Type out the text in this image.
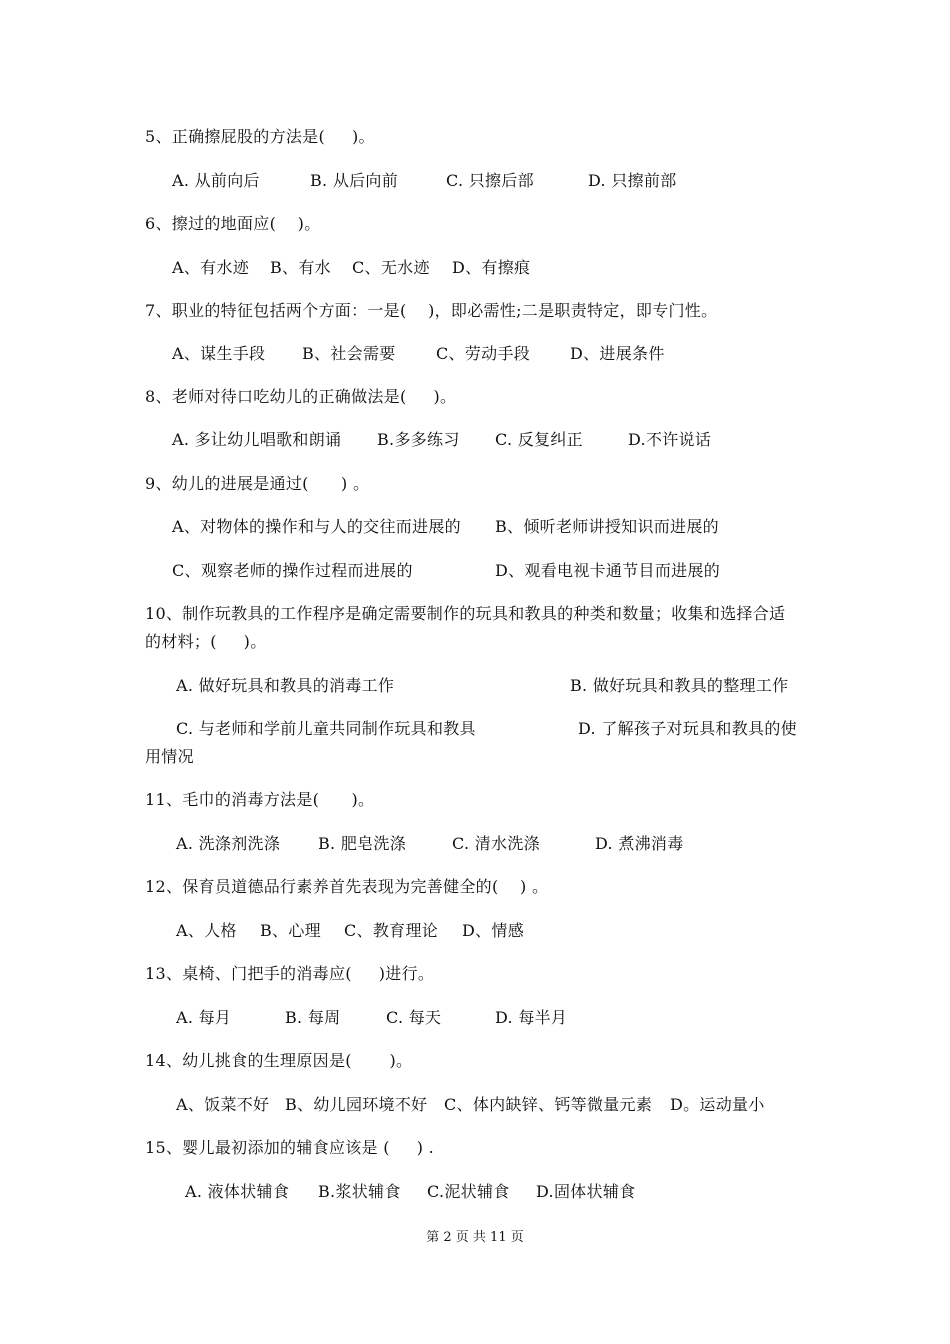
5、正确擦屁股的方法是(     )。
A. 从前向后	B. 从后向前	C. 只擦后部	D. 只擦前部
6、擦过的地面应(    )。
A、有水迹 B、有水 C、无水迹 D、有擦痕
7、职业的特征包括两个方面：一是(    )，即必需性;二是职责特定，即专门性。
A、谋生手段 B、社会需要	C、劳动手段 D、进展条件
8、老师对待口吃幼儿的正确做法是(     )。
A. 多让幼儿唱歌和朗诵 B.多多练习 C. 反复纠正	D.不许说话
9、幼儿的进展是通过(      ) 。
A、对物体的操作和与人的交往而进展的 B、倾听老师讲授知识而进展的
C、观察老师的操作过程而进展的	D、观看电视卡通节目而进展的
10、制作玩教具的工作程序是确定需要制作的玩具和教具的种类和数量；收集和选择合适
的材料；(     )。
A. 做好玩具和教具的消毒工作	B. 做好玩具和教具的整理工作
C. 与老师和学前儿童共同制作玩具和教具	D. 了解孩子对玩具和教具的使
用情况
11、毛巾的消毒方法是(      )。
A. 洗涤剂洗涤 B. 肥皂洗涤	C. 清水洗涤	D. 煮沸消毒
12、保育员道德品行素养首先表现为完善健全的(    ) 。
A、人格 B、心理 C、教育理论 D、情感
13、桌椅、门把手的消毒应(     )进行。
A. 每月	B. 每周	C. 每天	D. 每半月
14、幼儿挑食的生理原因是(       )。
A、饭菜不好 B、幼儿园环境不好 C、体内缺锌、钙等微量元素 D。运动量小
15、婴儿最初添加的辅食应该是 (     ) .
A. 液体状辅食 B.浆状辅食 C.泥状辅食 D.固体状辅食
第 2 页 共 11 页
